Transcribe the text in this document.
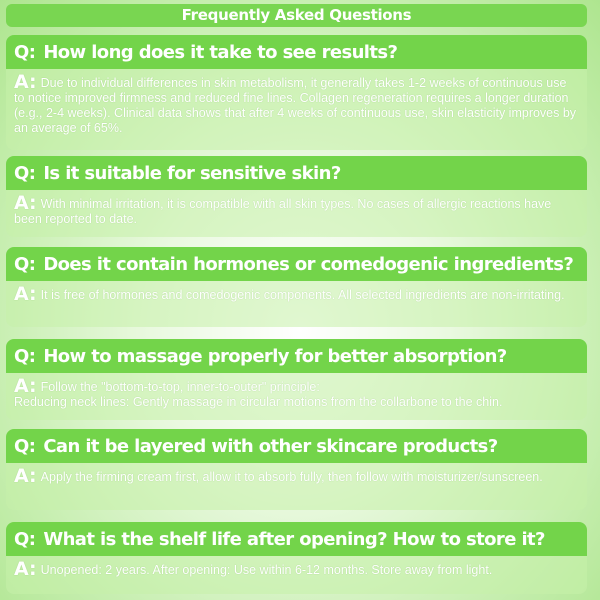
Frequently Asked Questions
Q: How long does it take to see results?
A: Due to individual differences in skin metabolism, it generally takes 1-2 weeks of continuous use to notice improved firmness and reduced fine lines. Collagen regeneration requires a longer duration (e.g., 2-4 weeks). Clinical data shows that after 4 weeks of continuous use, skin elasticity improves by an average of 65%.
Q: Is it suitable for sensitive skin?
A: With minimal irritation, it is compatible with all skin types. No cases of allergic reactions have been reported to date.
Q: Does it contain hormones or comedogenic ingredients?
A: It is free of hormones and comedogenic components. All selected ingredients are non-irritating.
Q: How to massage properly for better absorption?
A: Follow the "bottom-to-top, inner-to-outer" principle:
Reducing neck lines: Gently massage in circular motions from the collarbone to the chin.
Q: Can it be layered with other skincare products?
A: Apply the firming cream first, allow it to absorb fully, then follow with moisturizer/sunscreen.
Q: What is the shelf life after opening? How to store it?
A: Unopened: 2 years. After opening: Use within 6-12 months. Store away from light.
